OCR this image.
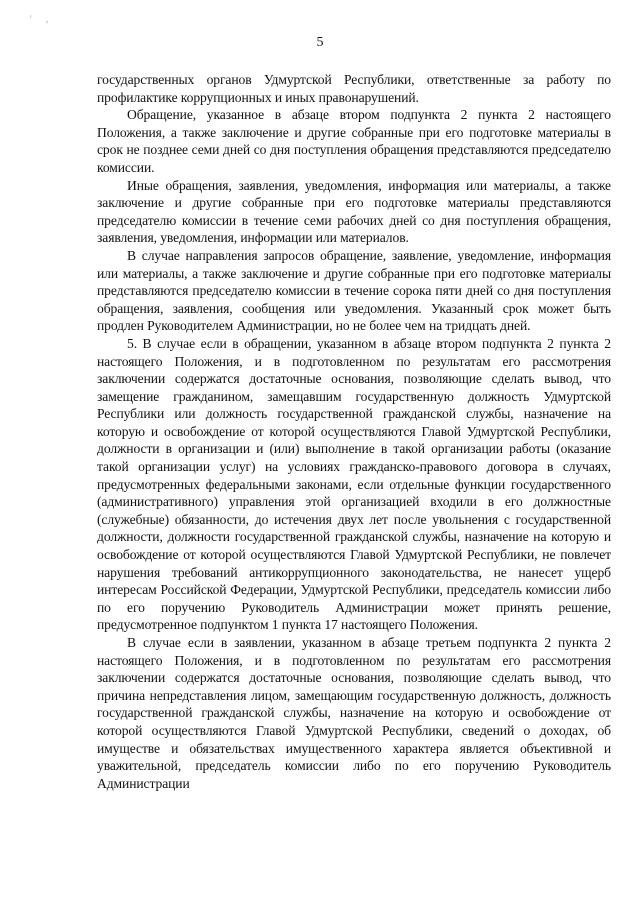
' ,
5

государственных органов Удмуртской Республики, ответственные за работу по профилактике коррупционных и иных правонарушений.

Обращение, указанное в абзаце втором подпункта 2 пункта 2 настоящего Положения, а также заключение и другие собранные при его подготовке материалы в срок не позднее семи дней со дня поступления обращения представляются председателю комиссии.

Иные обращения, заявления, уведомления, информация или материалы, а также заключение и другие собранные при его подготовке материалы представляются председателю комиссии в течение семи рабочих дней со дня поступления обращения, заявления, уведомления, информации или материалов.

В случае направления запросов обращение, заявление, уведомление, информация или материалы, а также заключение и другие собранные при его подготовке материалы представляются председателю комиссии в течение сорока пяти дней со дня поступления обращения, заявления, сообщения или уведомления. Указанный срок может быть продлен Руководителем Администрации, но не более чем на тридцать дней.

5. В случае если в обращении, указанном в абзаце втором подпункта 2 пункта 2 настоящего Положения, и в подготовленном по результатам его рассмотрения заключении содержатся достаточные основания, позволяющие сделать вывод, что замещение гражданином, замещавшим государственную должность Удмуртской Республики или должность государственной гражданской службы, назначение на которую и освобождение от которой осуществляются Главой Удмуртской Республики, должности в организации и (или) выполнение в такой организации работы (оказание такой организации услуг) на условиях гражданско-правового договора в случаях, предусмотренных федеральными законами, если отдельные функции государственного (административного) управления этой организацией входили в его должностные (служебные) обязанности, до истечения двух лет после увольнения с государственной должности, должности государственной гражданской службы, назначение на которую и освобождение от которой осуществляются Главой Удмуртской Республики, не повлечет нарушения требований антикоррупционного законодательства, не нанесет ущерб интересам Российской Федерации, Удмуртской Республики, председатель комиссии либо по его поручению Руководитель Администрации может принять решение, предусмотренное подпунктом 1 пункта 17 настоящего Положения.

В случае если в заявлении, указанном в абзаце третьем подпункта 2 пункта 2 настоящего Положения, и в подготовленном по результатам его рассмотрения заключении содержатся достаточные основания, позволяющие сделать вывод, что причина непредставления лицом, замещающим государственную должность, должность государственной гражданской службы, назначение на которую и освобождение от которой осуществляются Главой Удмуртской Республики, сведений о доходах, об имуществе и обязательствах имущественного характера является объективной и уважительной, председатель комиссии либо по его поручению Руководитель Администрации
